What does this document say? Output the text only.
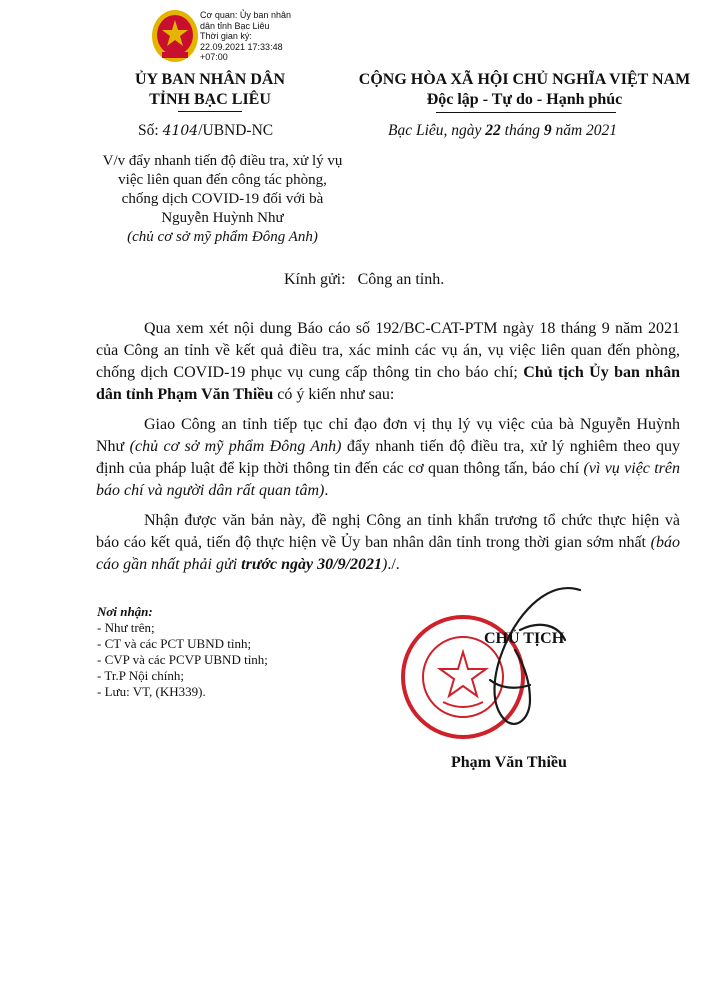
Cơ quan: Ủy ban nhân dân tỉnh Bạc Liêu
Thời gian ký: 22.09.2021 17:33:48 +07:00
ỦY BAN NHÂN DÂN
TỈNH BẠC LIÊU
CỘNG HÒA XÃ HỘI CHỦ NGHĨA VIỆT NAM
Độc lập - Tự do - Hạnh phúc
Số: 4104/UBND-NC	Bạc Liêu, ngày 22 tháng 9 năm 2021
V/v đẩy nhanh tiến độ điều tra, xử lý vụ việc liên quan đến công tác phòng, chống dịch COVID-19 đối với bà Nguyễn Huỳnh Như
(chủ cơ sở mỹ phẩm Đông Anh)
Kính gửi: Công an tỉnh.

Qua xem xét nội dung Báo cáo số 192/BC-CAT-PTM ngày 18 tháng 9 năm 2021 của Công an tỉnh về kết quả điều tra, xác minh các vụ án, vụ việc liên quan đến phòng, chống dịch COVID-19 phục vụ cung cấp thông tin cho báo chí; Chủ tịch Ủy ban nhân dân tỉnh Phạm Văn Thiều có ý kiến như sau:

Giao Công an tỉnh tiếp tục chỉ đạo đơn vị thụ lý vụ việc của bà Nguyễn Huỳnh Như (chủ cơ sở mỹ phẩm Đông Anh) đẩy nhanh tiến độ điều tra, xử lý nghiêm theo quy định của pháp luật để kịp thời thông tin đến các cơ quan thông tấn, báo chí (vì vụ việc trên báo chí và người dân rất quan tâm).

Nhận được văn bản này, đề nghị Công an tỉnh khẩn trương tổ chức thực hiện và báo cáo kết quả, tiến độ thực hiện về Ủy ban nhân dân tỉnh trong thời gian sớm nhất (báo cáo gần nhất phải gửi trước ngày 30/9/2021)./.

Nơi nhận:
- Như trên;
- CT và các PCT UBND tỉnh;
- CVP và các PCVP UBND tỉnh;
- Tr.P Nội chính;
- Lưu: VT, (KH339).
CHỦ TỊCH
Phạm Văn Thiều
